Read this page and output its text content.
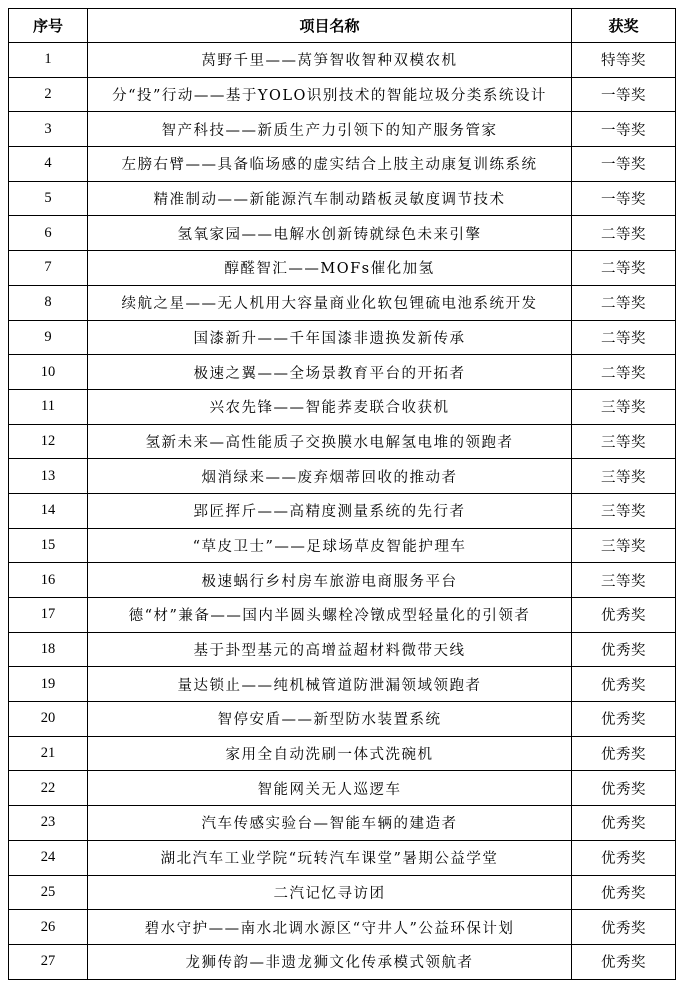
序号	项目名称	获奖
1	莴野千里——莴笋智收智种双模农机	特等奖
2	分“投”行动——基于YOLO识别技术的智能垃圾分类系统设计	一等奖
3	智产科技——新质生产力引领下的知产服务管家	一等奖
4	左膀右臂——具备临场感的虚实结合上肢主动康复训练系统	一等奖
5	精准制动——新能源汽车制动踏板灵敏度调节技术	一等奖
6	氢氧家园——电解水创新铸就绿色未来引擎	二等奖
7	醇醛智汇——MOFs催化加氢	二等奖
8	续航之星——无人机用大容量商业化软包锂硫电池系统开发	二等奖
9	国漆新升——千年国漆非遗换发新传承	二等奖
10	极速之翼——全场景教育平台的开拓者	二等奖
11	兴农先锋——智能荞麦联合收获机	三等奖
12	氢新未来—高性能质子交换膜水电解氢电堆的领跑者	三等奖
13	烟消绿来——废弃烟蒂回收的推动者	三等奖
14	郢匠挥斤——高精度测量系统的先行者	三等奖
15	“草皮卫士”——足球场草皮智能护理车	三等奖
16	极速蜗行乡村房车旅游电商服务平台	三等奖
17	德“材”兼备——国内半圆头螺栓冷镦成型轻量化的引领者	优秀奖
18	基于卦型基元的高增益超材料微带天线	优秀奖
19	量达锁止——纯机械管道防泄漏领域领跑者	优秀奖
20	智停安盾——新型防水装置系统	优秀奖
21	家用全自动洗刷一体式洗碗机	优秀奖
22	智能网关无人巡逻车	优秀奖
23	汽车传感实验台—智能车辆的建造者	优秀奖
24	湖北汽车工业学院“玩转汽车课堂”暑期公益学堂	优秀奖
25	二汽记忆寻访团	优秀奖
26	碧水守护——南水北调水源区“守井人”公益环保计划	优秀奖
27	龙狮传韵—非遗龙狮文化传承模式领航者	优秀奖
